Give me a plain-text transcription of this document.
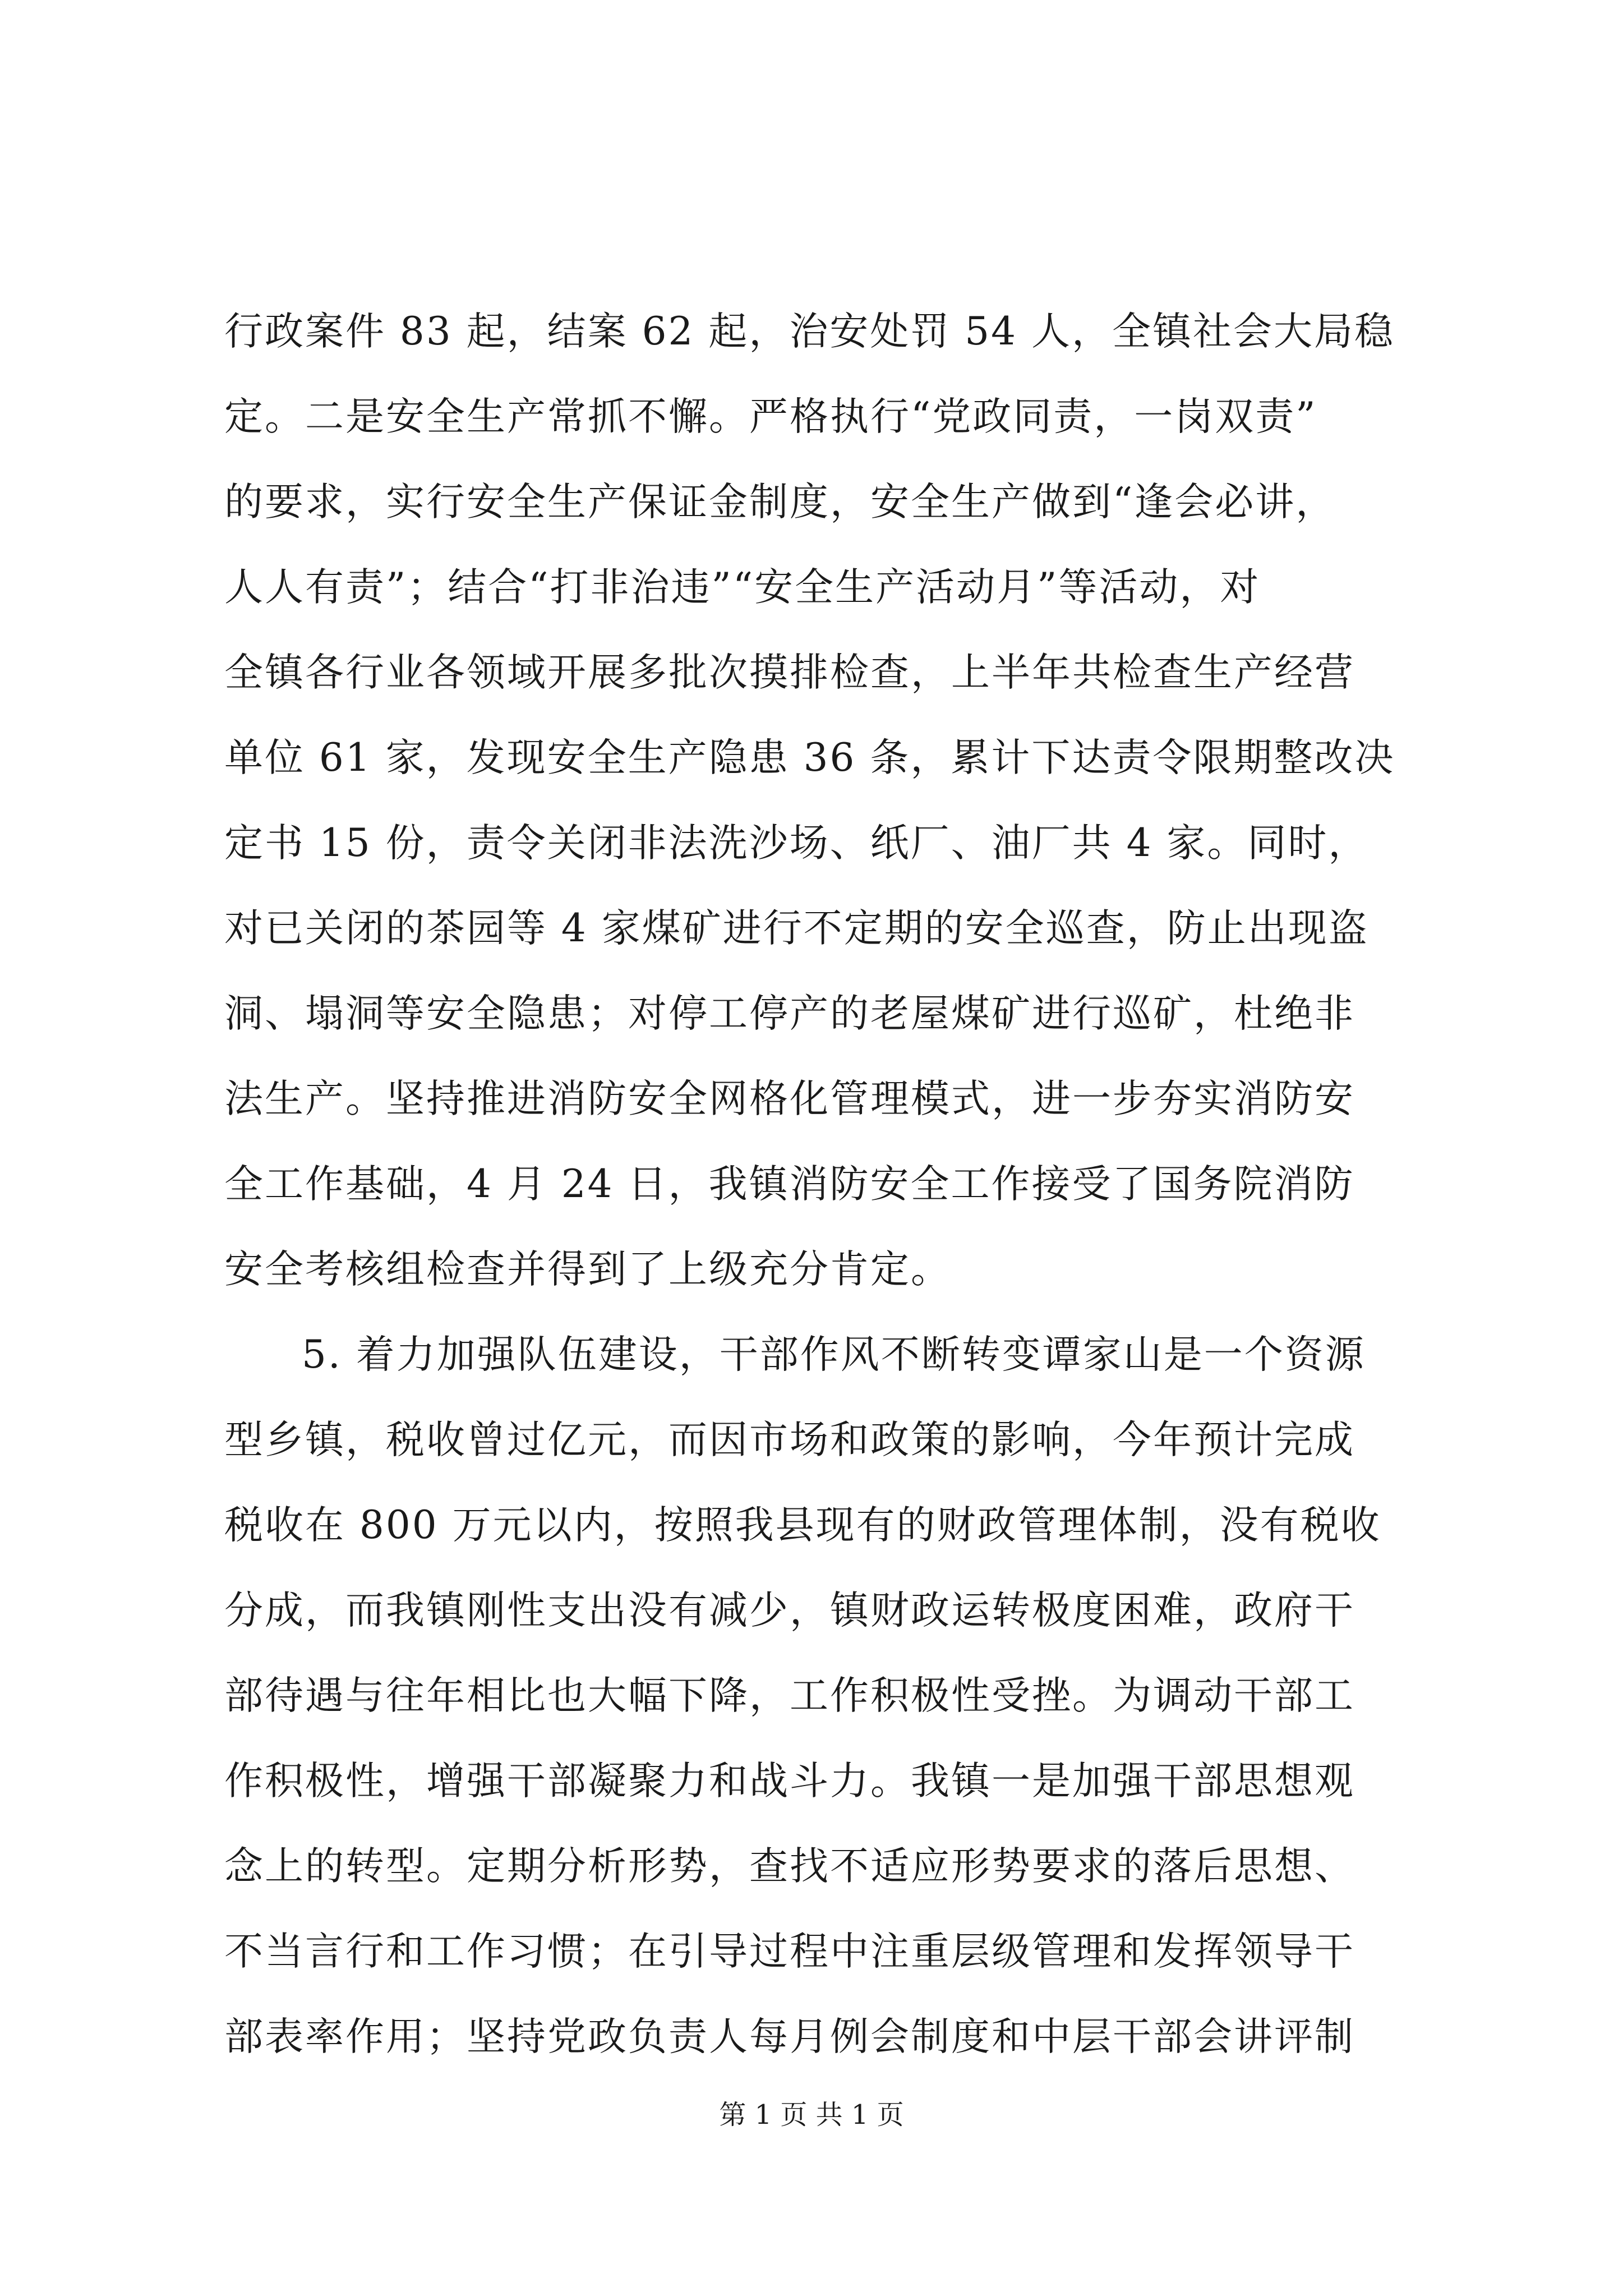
行政案件 83 起，结案 62 起，治安处罚 54 人，全镇社会大局稳
定。二是安全生产常抓不懈。严格执行“党政同责，一岗双责”
的要求，实行安全生产保证金制度，安全生产做到“逢会必讲，
人人有责”；结合“打非治违”“安全生产活动月”等活动，对
全镇各行业各领域开展多批次摸排检查，上半年共检查生产经营
单位 61 家，发现安全生产隐患 36 条，累计下达责令限期整改决
定书 15 份，责令关闭非法洗沙场、纸厂、油厂共 4 家。同时，
对已关闭的茶园等 4 家煤矿进行不定期的安全巡查，防止出现盗
洞、塌洞等安全隐患；对停工停产的老屋煤矿进行巡矿，杜绝非
法生产。坚持推进消防安全网格化管理模式，进一步夯实消防安
全工作基础，4 月 24 日，我镇消防安全工作接受了国务院消防
安全考核组检查并得到了上级充分肯定。
5. 着力加强队伍建设，干部作风不断转变谭家山是一个资源
型乡镇，税收曾过亿元，而因市场和政策的影响，今年预计完成
税收在 800 万元以内，按照我县现有的财政管理体制，没有税收
分成，而我镇刚性支出没有减少，镇财政运转极度困难，政府干
部待遇与往年相比也大幅下降，工作积极性受挫。为调动干部工
作积极性，增强干部凝聚力和战斗力。我镇一是加强干部思想观
念上的转型。定期分析形势，查找不适应形势要求的落后思想、
不当言行和工作习惯；在引导过程中注重层级管理和发挥领导干
部表率作用；坚持党政负责人每月例会制度和中层干部会讲评制
第 1 页 共 1 页
